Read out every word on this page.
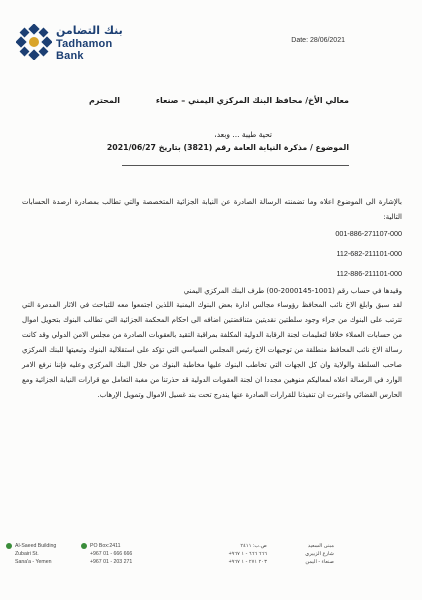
بنك التضامن
Tadhamon
Bank
Date: 28/06/2021
معالي الأخ/ محافظ البنك المركزي اليمني – صنعاء
المحترم
تحية طيبة ... وبعد،
الموضوع / مذكرة النيابة العامة رقم (3821) بتاريخ 2021/06/27
بالإشارة الى الموضوع اعلاه وما تضمنته الرسالة الصادرة عن النيابة الجزائية المتخصصة والتي تطالب بمصادرة ارصدة الحسابات التالية:
001-886-271107-000
112-682-211101-000
112-886-211101-000
وقيدها في حساب رقم (1001-2000145-00) طرف البنك المركزي اليمني
لقد سبق وابلغ الاخ نائب المحافظ رؤوساء مجالس ادارة بعض البنوك اليمنية اللذين اجتمعوا معه للتباحث في الاثار المدمرة التي تترتب على البنوك من جراء وجود سلطتين نقديتين متناقضتين اضافه الى احكام المحكمة الجزائية التي تطالب البنوك بتحويل اموال من حسابات العملاء خلافا لتعليمات لجنة الرقابة الدولية المكلفة بمراقبة التقيد بالعقوبات الصادرة من مجلس الامن الدولي وقد كانت رسالة الاخ نائب المحافظ منطلقة من توجيهات الاخ رئيس المجلس السياسي التي تؤكد على استقلالية البنوك وتبعيتها للبنك المركزي صاحب السلطة والولاية وان كل الجهات التي تخاطب البنوك عليها مخاطبة البنوك من خلال البنك المركزي وعليه فإننا نرفع الامر الوارد في الرسالة اعلاه لمعاليكم منوهين مجددا ان لجنة العقوبات الدولية قد حذرتنا من مغبة التعامل مع قرارات النيابة الجزائية ومع الحارس القضائي واعتبرت ان تنفيذنا للقرارات الصادرة عنها يندرج تحت بند غسيل الاموال وتمويل الإرهاب.
Al-Saeed Building
Zubairi St.
Sana'a - Yemen
PO Box:2411
+967 01 - 666 666
+967 01 - 203 271
ص.ب: ٢٤١١
٦٦٦ ٦٦٦ - ١ ٩٦٧+
٢٠٣ ٢٧١ - ١ ٩٦٧+
مبنى السعيد
شارع الزبيري
صنعاء - اليمن
